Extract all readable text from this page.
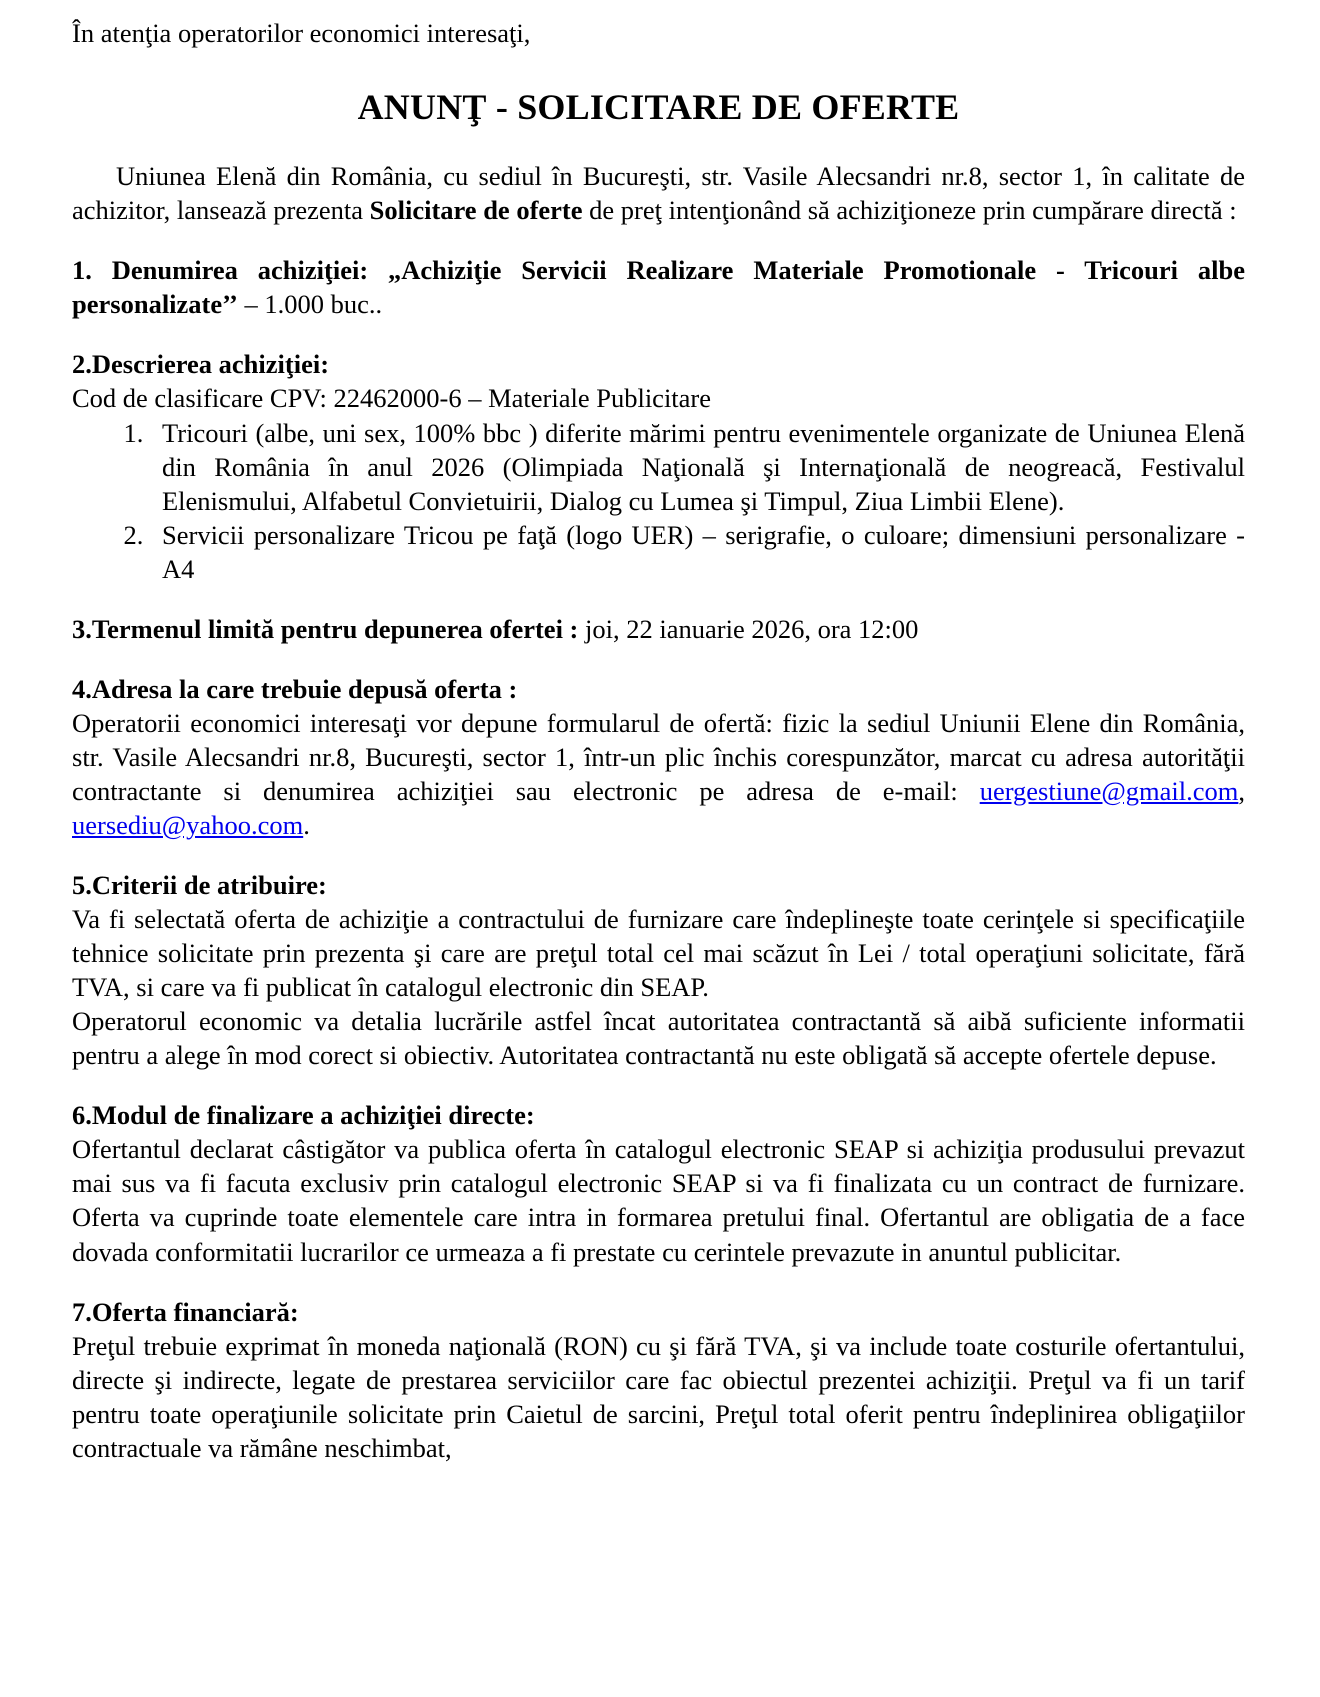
În atenţia operatorilor economici interesaţi,

ANUNŢ - SOLICITARE DE OFERTE

Uniunea Elenă din România, cu sediul în Bucureşti, str. Vasile Alecsandri nr.8, sector 1, în calitate de achizitor, lansează prezenta Solicitare de oferte de preţ intenţionând să achiziţioneze prin cumpărare directă :

1. Denumirea achiziţiei: „Achiziţie Servicii Realizare Materiale Promotionale - Tricouri albe personalizate’’ – 1.000 buc..

2.Descrierea achiziţiei:

Cod de clasificare CPV: 22462000-6 – Materiale Publicitare

1. Tricouri (albe, uni sex, 100% bbc ) diferite mărimi pentru evenimentele organizate de Uniunea Elenă din România în anul 2026 (Olimpiada Naţională şi Internaţională de neogreacă, Festivalul Elenismului, Alfabetul Convietuirii, Dialog cu Lumea şi Timpul, Ziua Limbii Elene).
2. Servicii personalizare Tricou pe faţă (logo UER) – serigrafie, o culoare; dimensiuni personalizare - A4

3.Termenul limită pentru depunerea ofertei : joi, 22 ianuarie 2026, ora 12:00

4.Adresa la care trebuie depusă oferta :

Operatorii economici interesaţi vor depune formularul de ofertă: fizic la sediul Uniunii Elene din România, str. Vasile Alecsandri nr.8, Bucureşti, sector 1, într-un plic închis corespunzător, marcat cu adresa autorităţii contractante si denumirea achiziţiei sau electronic pe adresa de e-mail: uergestiune@gmail.com, uersediu@yahoo.com.

5.Criterii de atribuire:

Va fi selectată oferta de achiziţie a contractului de furnizare care îndeplineşte toate cerinţele si specificaţiile tehnice solicitate prin prezenta şi care are preţul total cel mai scăzut în Lei / total operaţiuni solicitate, fără TVA, si care va fi publicat în catalogul electronic din SEAP.

Operatorul economic va detalia lucrările astfel încat autoritatea contractantă să aibă suficiente informatii pentru a alege în mod corect si obiectiv. Autoritatea contractantă nu este obligată să accepte ofertele depuse.

6.Modul de finalizare a achiziţiei directe:

Ofertantul declarat câstigător va publica oferta în catalogul electronic SEAP si achiziţia produsului prevazut mai sus va fi facuta exclusiv prin catalogul electronic SEAP si va fi finalizata cu un contract de furnizare. Oferta va cuprinde toate elementele care intra in formarea pretului final. Ofertantul are obligatia de a face dovada conformitatii lucrarilor ce urmeaza a fi prestate cu cerintele prevazute in anuntul publicitar.

7.Oferta financiară:

Preţul trebuie exprimat în moneda naţională (RON) cu şi fără TVA, şi va include toate costurile ofertantului, directe şi indirecte, legate de prestarea serviciilor care fac obiectul prezentei achiziţii. Preţul va fi un tarif pentru toate operaţiunile solicitate prin Caietul de sarcini, Preţul total oferit pentru îndeplinirea obligaţiilor contractuale va rămâne neschimbat,
